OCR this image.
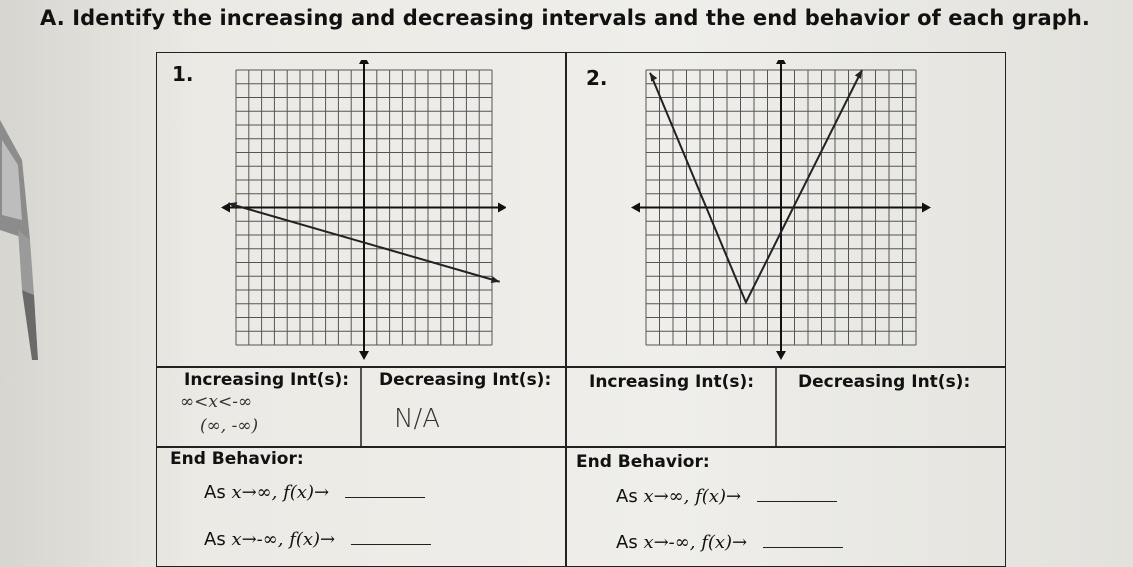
A. Identify the increasing and decreasing intervals and the end behavior of each graph.
1.
Increasing Int(s): Decreasing Int(s):
∞<x<-∞
(∞, -∞)	N/A
End Behavior:
As x→∞, f(x)→
As x→-∞, f(x)→
2.
Increasing Int(s):	Decreasing Int(s):
End Behavior:
As x→∞, f(x)→
As x→-∞, f(x)→
